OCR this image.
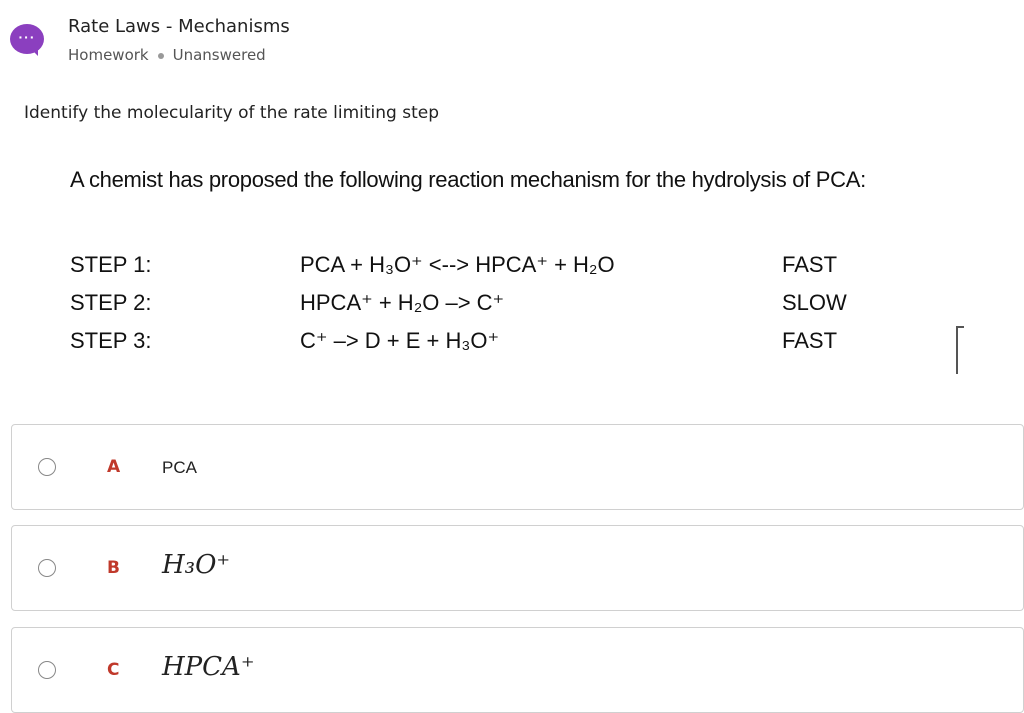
···	Rate Laws - Mechanisms
Homework Unanswered
Identify the molecularity of the rate limiting step
A chemist has proposed the following reaction mechanism for the hydrolysis of PCA:
STEP 1:	PCA + H₃O⁺ <--> HPCA⁺ + H₂O	FAST
STEP 2:	HPCA⁺ + H₂O –> C⁺	SLOW
STEP 3:	C⁺ –> D + E + H₃O⁺	FAST
A PCA
B H₃O⁺
C HPCA⁺
